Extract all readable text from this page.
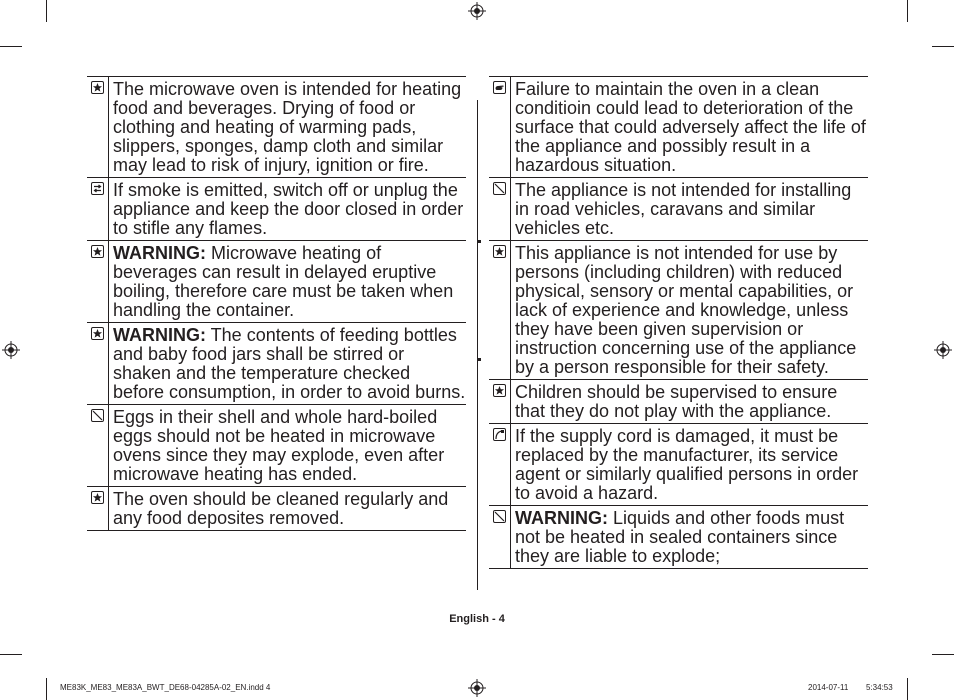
The microwave oven is intended for heating food and beverages. Drying of food or clothing and heating of warming pads, slippers, sponges, damp cloth and similar may lead to risk of injury, ignition or fire.
If smoke is emitted, switch off or unplug the appliance and keep the door closed in order to stifle any flames.
WARNING: Microwave heating of beverages can result in delayed eruptive boiling, therefore care must be taken when handling the container.
WARNING: The contents of feeding bottles and baby food jars shall be stirred or shaken and the temperature checked before consumption, in order to avoid burns.
Eggs in their shell and whole hard-boiled eggs should not be heated in microwave ovens since they may explode, even after microwave heating has ended.
The oven should be cleaned regularly and any food deposites removed.
Failure to maintain the oven in a clean conditioin could lead to deterioration of the surface that could adversely affect the life of the appliance and possibly result in a hazardous situation.
The appliance is not intended for installing in road vehicles, caravans and similar vehicles etc.
This appliance is not intended for use by persons (including children) with reduced physical, sensory or mental capabilities, or lack of experience and knowledge, unless they have been given supervision or instruction concerning use of the appliance by a person responsible for their safety.
Children should be supervised to ensure that they do not play with the appliance.
If the supply cord is damaged, it must be replaced by the manufacturer, its service agent or similarly qualified persons in order to avoid a hazard.
WARNING: Liquids and other foods must not be heated in sealed containers since they are liable to explode;
English - 4
ME83K_ME83_ME83A_BWT_DE68-04285A-02_EN.indd 4	2014-07-11 5:34:53
